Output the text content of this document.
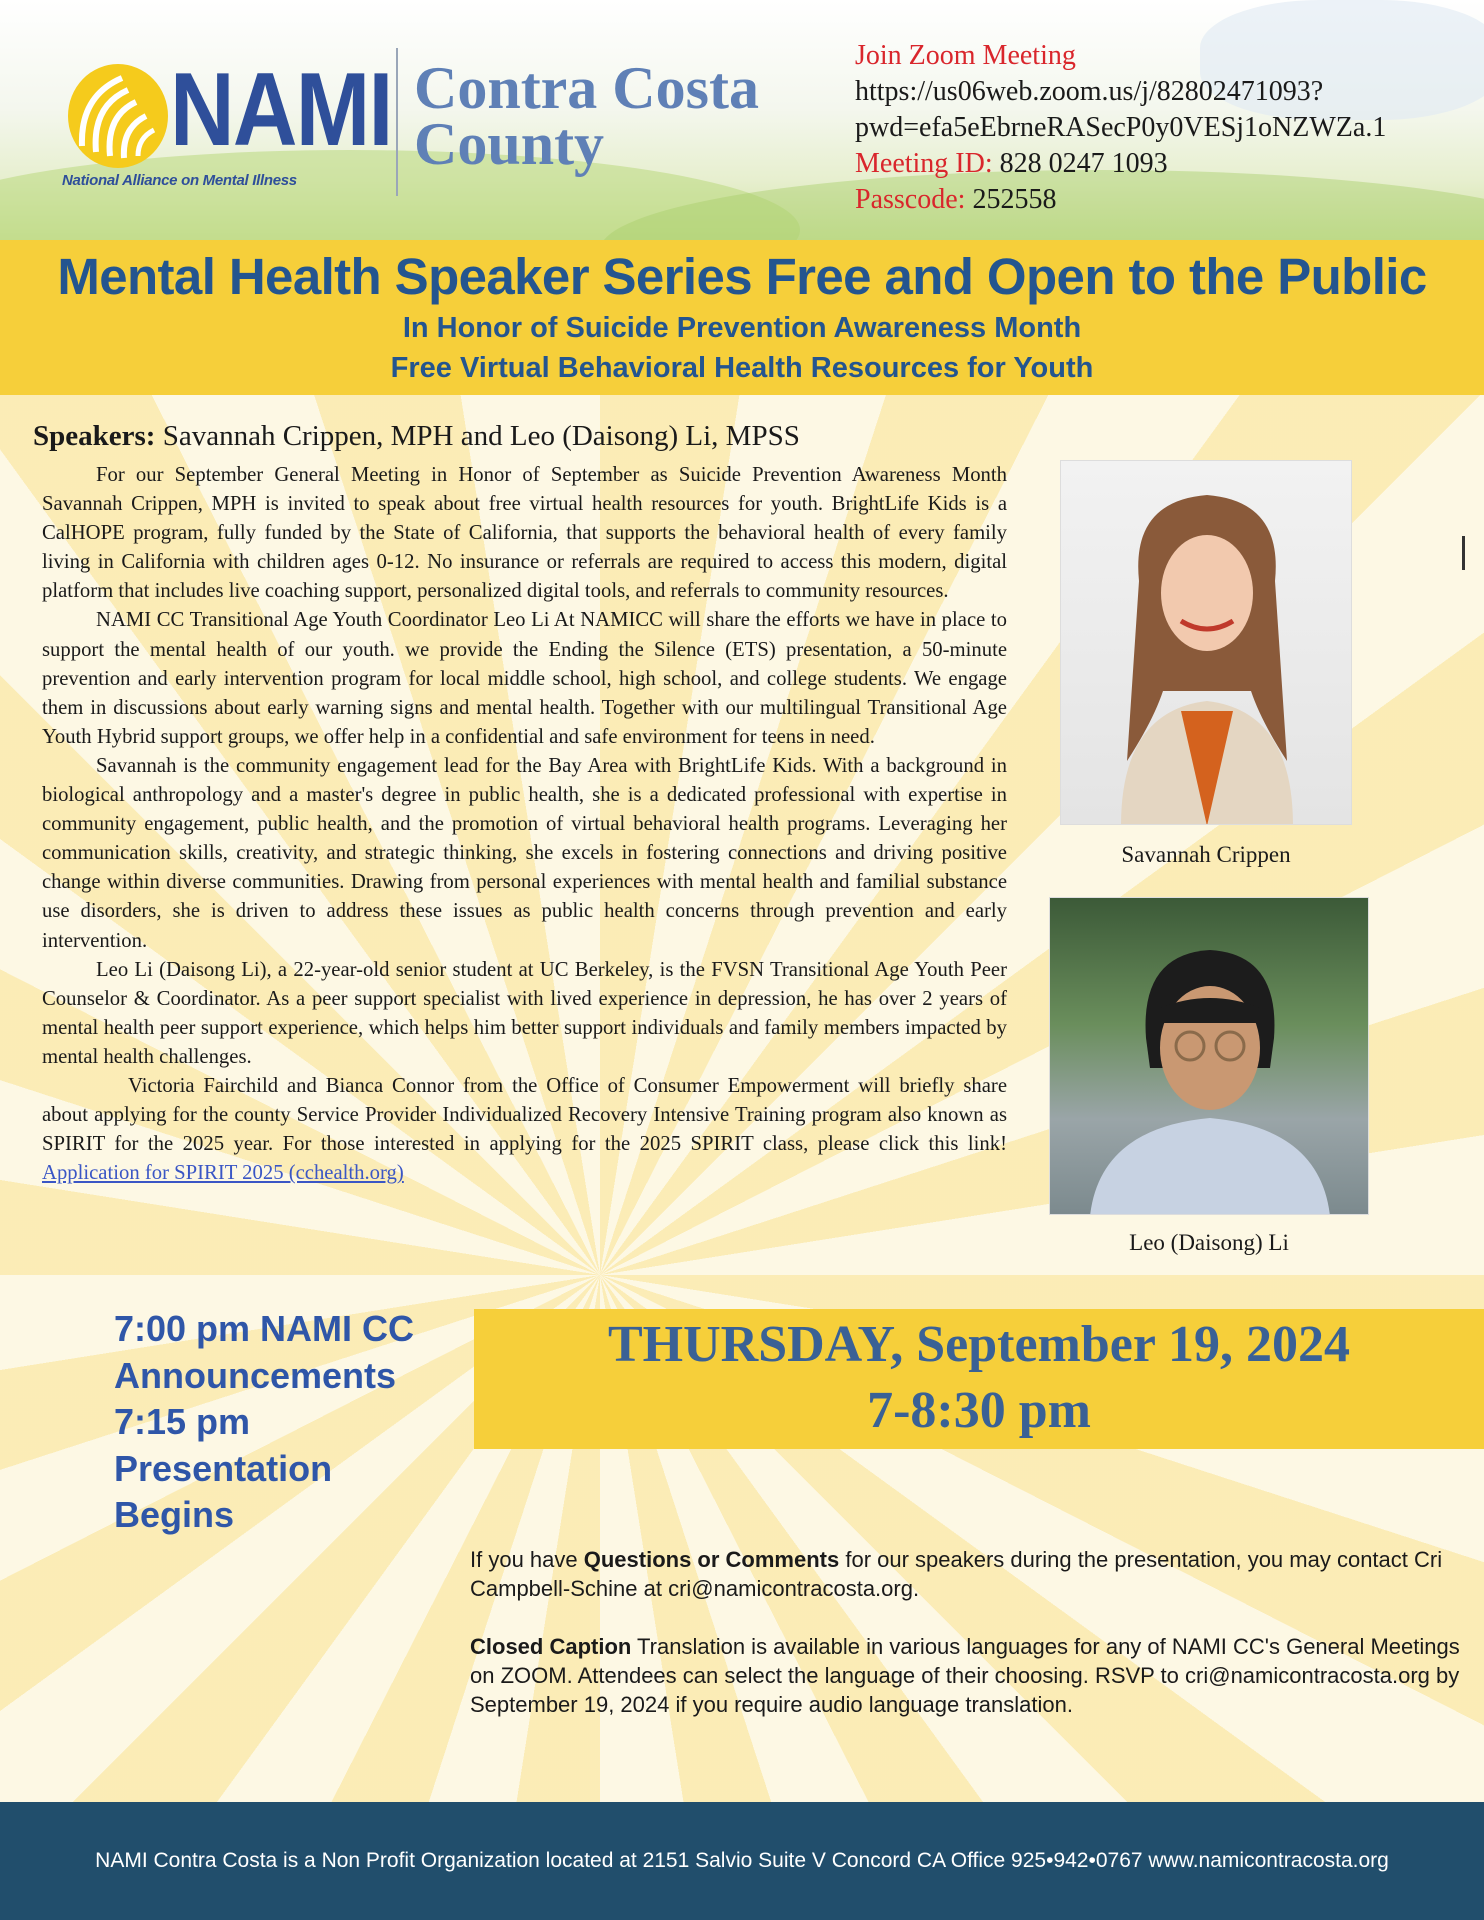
NAMI
National Alliance on Mental Illness
Contra Costa
County
Join Zoom Meeting
https://us06web.zoom.us/j/82802471093?
pwd=efa5eEbrneRASecP0y0VESj1oNZWZa.1
Meeting ID: 828 0247 1093
Passcode: 252558
Mental Health Speaker Series Free and Open to the Public
In Honor of Suicide Prevention Awareness Month
Free Virtual Behavioral Health Resources for Youth
Speakers: Savannah Crippen, MPH and Leo (Daisong) Li, MPSS

For our September General Meeting in Honor of September as Suicide Prevention Awareness Month Savannah Crippen, MPH is invited to speak about free virtual health resources for youth. BrightLife Kids is a CalHOPE program, fully funded by the State of California, that supports the behavioral health of every family living in California with children ages 0-12. No insurance or referrals are required to access this modern, digital platform that includes live coaching support, personalized digital tools, and referrals to community resources.

NAMI CC Transitional Age Youth Coordinator Leo Li At NAMICC will share the efforts we have in place to support the mental health of our youth. we provide the Ending the Silence (ETS) presentation, a 50-minute prevention and early intervention program for local middle school, high school, and college students. We engage them in discussions about early warning signs and mental health. Together with our multilingual Transitional Age Youth Hybrid support groups, we offer help in a confidential and safe environment for teens in need.

Savannah is the community engagement lead for the Bay Area with BrightLife Kids. With a background in biological anthropology and a master's degree in public health, she is a dedicated professional with expertise in community engagement, public health, and the promotion of virtual behavioral health programs. Leveraging her communication skills, creativity, and strategic thinking, she excels in fostering connections and driving positive change within diverse communities. Drawing from personal experiences with mental health and familial substance use disorders, she is driven to address these issues as public health concerns through prevention and early intervention.

Leo Li (Daisong Li), a 22-year-old senior student at UC Berkeley, is the FVSN Transitional Age Youth Peer Counselor & Coordinator. As a peer support specialist with lived experience in depression, he has over 2 years of mental health peer support experience, which helps him better support individuals and family members impacted by mental health challenges.

Victoria Fairchild and Bianca Connor from the Office of Consumer Empowerment will briefly share about applying for the county Service Provider Individualized Recovery Intensive Training program also known as SPIRIT for the 2025 year. For those interested in applying for the 2025 SPIRIT class, please click this link! Application for SPIRIT 2025 (cchealth.org)

Savannah Crippen
Leo (Daisong) Li
7:00 pm NAMI CC
Announcements
7:15 pm
Presentation
Begins
THURSDAY, September 19, 2024
7-8:30 pm

If you have Questions or Comments for our speakers during the presentation, you may contact Cri Campbell-Schine at cri@namicontracosta.org.

Closed Caption Translation is available in various languages for any of NAMI CC's General Meetings on ZOOM. Attendees can select the language of their choosing. RSVP to cri@namicontracosta.org by September 19, 2024 if you require audio language translation.

NAMI Contra Costa is a Non Profit Organization located at 2151 Salvio Suite V Concord CA Office 925•942•0767 www.namicontracosta.org
